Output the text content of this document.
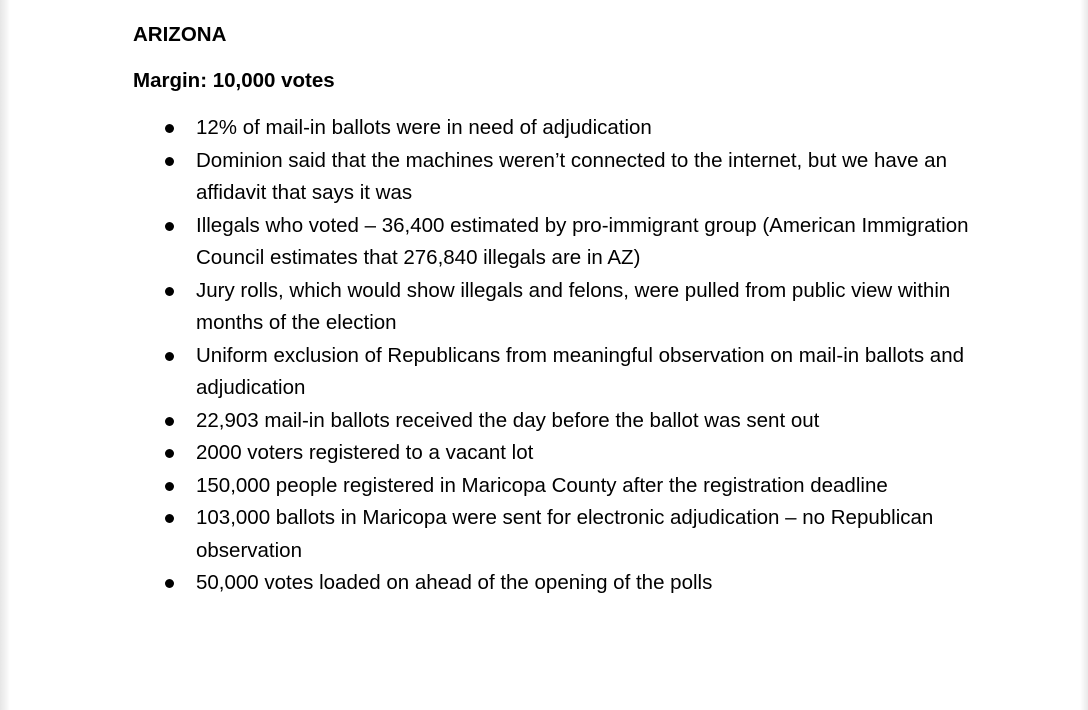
ARIZONA
Margin: 10,000 votes
12% of mail-in ballots were in need of adjudication
Dominion said that the machines weren’t connected to the internet, but we have an affidavit that says it was
Illegals who voted – 36,400 estimated by pro-immigrant group (American Immigration Council estimates that 276,840 illegals are in AZ)
Jury rolls, which would show illegals and felons, were pulled from public view within months of the election
Uniform exclusion of Republicans from meaningful observation on mail-in ballots and adjudication
22,903 mail-in ballots received the day before the ballot was sent out
2000 voters registered to a vacant lot
150,000 people registered in Maricopa County after the registration deadline
103,000 ballots in Maricopa were sent for electronic adjudication – no Republican observation
50,000 votes loaded on ahead of the opening of the polls
